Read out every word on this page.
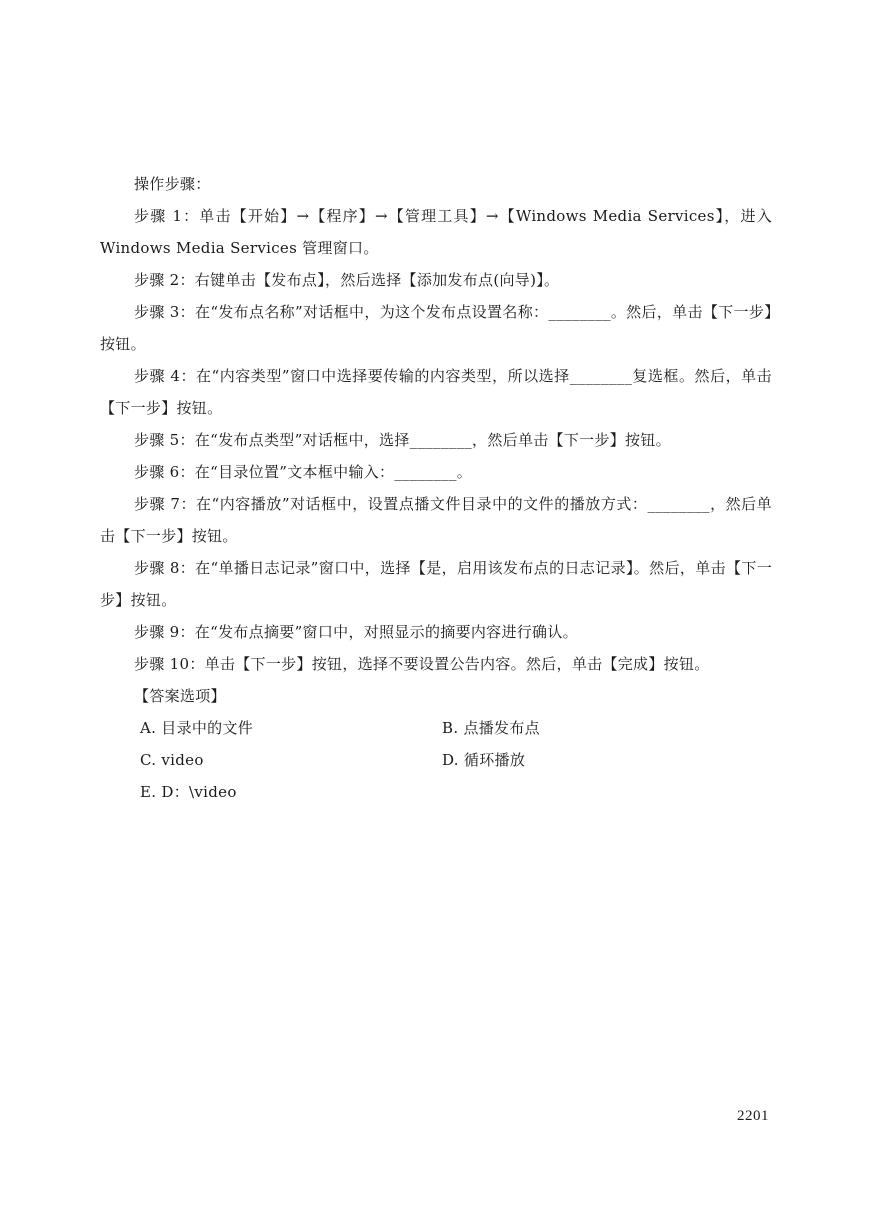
操作步骤：

步骤 1：单击【开始】→【程序】→【管理工具】→【Windows Media Services】，进入 Windows Media Services 管理窗口。

步骤 2：右键单击【发布点】，然后选择【添加发布点(向导)】。

步骤 3：在“发布点名称”对话框中，为这个发布点设置名称：________。然后，单击【下一步】按钮。

步骤 4：在“内容类型”窗口中选择要传输的内容类型，所以选择________复选框。然后，单击【下一步】按钮。

步骤 5：在“发布点类型”对话框中，选择________，然后单击【下一步】按钮。

步骤 6：在“目录位置”文本框中输入：________。

步骤 7：在“内容播放”对话框中，设置点播文件目录中的文件的播放方式：________，然后单击【下一步】按钮。

步骤 8：在“单播日志记录”窗口中，选择【是，启用该发布点的日志记录】。然后，单击【下一步】按钮。

步骤 9：在“发布点摘要”窗口中，对照显示的摘要内容进行确认。

步骤 10：单击【下一步】按钮，选择不要设置公告内容。然后，单击【完成】按钮。

【答案选项】

A. 目录中的文件	B. 点播发布点
C. video	D. 循环播放
E. D：\video
2201
